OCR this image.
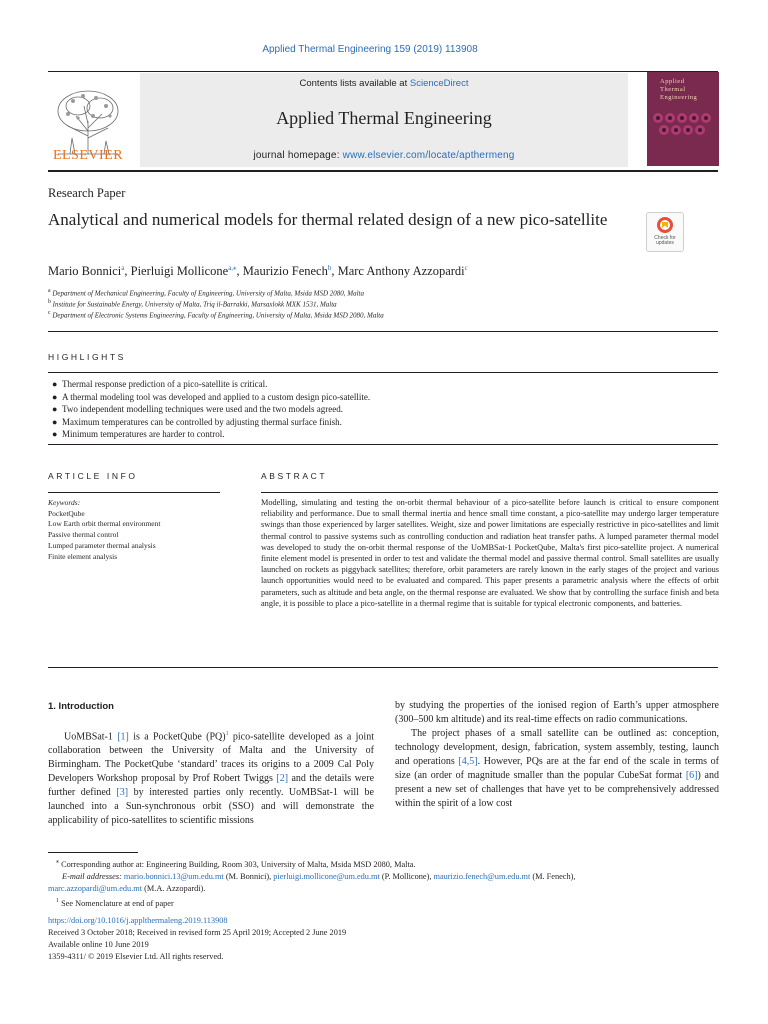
Applied Thermal Engineering 159 (2019) 113908
ELSEVIER
Contents lists available at ScienceDirect
Applied Thermal Engineering
journal homepage: www.elsevier.com/locate/apthermeng
Applied
Thermal
Engineering
Research Paper
Analytical and numerical models for thermal related design of a new pico-satellite
Check for updates
Mario Bonnici$^a$, Pierluigi Mollicone$^{a,⁎}$, Maurizio Fenech$^b$, Marc Anthony Azzopardi$^c$
$^a$ Department of Mechanical Engineering, Faculty of Engineering, University of Malta, Msida MSD 2080, Malta
$^b$ Institute for Sustainable Energy, University of Malta, Triq il-Barrakki, Marsaxlokk MXK 1531, Malta
$^c$ Department of Electronic Systems Engineering, Faculty of Engineering, University of Malta, Msida MSD 2080, Malta
HIGHLIGHTS
● Thermal response prediction of a pico-satellite is critical.
● A thermal modeling tool was developed and applied to a custom design pico-satellite.
● Two independent modelling techniques were used and the two models agreed.
● Maximum temperatures can be controlled by adjusting thermal surface finish.
● Minimum temperatures are harder to control.
ARTICLE INFO	ABSTRACT
Keywords:
PocketQube
Low Earth orbit thermal environment
Passive thermal control
Lumped parameter thermal analysis
Finite element analysis
Modelling, simulating and testing the on-orbit thermal behaviour of a pico-satellite before launch is critical to ensure component reliability and performance. Due to small thermal inertia and hence small time constant, a pico-satellite may undergo larger temperature swings than those experienced by larger satellites. Weight, size and power limitations are especially restrictive in pico-satellites and limit thermal control to passive systems such as controlling conduction and radiation heat transfer paths. A lumped parameter thermal model was developed to study the on-orbit thermal response of the UoMBSat-1 PocketQube, Malta's first pico-satellite project. A numerical finite element model is presented in order to test and validate the thermal model and passive thermal control. Small satellites are usually launched on rockets as piggyback satellites; therefore, orbit parameters are rarely known in the early stages of the project and various launch opportunities would need to be evaluated and compared. This paper presents a parametric analysis where the effects of orbit parameters, such as altitude and beta angle, on the thermal response are evaluated. We show that by controlling the surface finish and beta angle, it is possible to place a pico-satellite in a thermal regime that is suitable for typical electronic components, and batteries.
1. Introduction

UoMBSat-1 [1] is a PocketQube (PQ)$^1$ pico-satellite developed as a joint collaboration between the University of Malta and the University of Birmingham. The PocketQube ‘standard’ traces its origins to a 2009 Cal Poly Developers Workshop proposal by Prof Robert Twiggs [2] and the details were further defined [3] by interested parties only recently. UoMBSat-1 will be launched into a Sun-synchronous orbit (SSO) and will demonstrate the applicability of pico-satellites to scientific missions

by studying the properties of the ionised region of Earth’s upper atmosphere (300–500 km altitude) and its real-time effects on radio communications.

The project phases of a small satellite can be outlined as: conception, technology development, design, fabrication, system assembly, testing, launch and operations [4,5]. However, PQs are at the far end of the scale in terms of size (an order of magnitude smaller than the popular CubeSat format [6]) and present a new set of challenges that have yet to be comprehensively addressed within the spirit of a low cost

⁎ Corresponding author at: Engineering Building, Room 303, University of Malta, Msida MSD 2080, Malta.
E-mail addresses: mario.bonnici.13@um.edu.mt (M. Bonnici), pierluigi.mollicone@um.edu.mt (P. Mollicone), maurizio.fenech@um.edu.mt (M. Fenech),
marc.azzopardi@um.edu.mt (M.A. Azzopardi).
$^1$ See Nomenclature at end of paper
https://doi.org/10.1016/j.applthermaleng.2019.113908
Received 3 October 2018; Received in revised form 25 April 2019; Accepted 2 June 2019
Available online 10 June 2019
1359-4311/ © 2019 Elsevier Ltd. All rights reserved.
